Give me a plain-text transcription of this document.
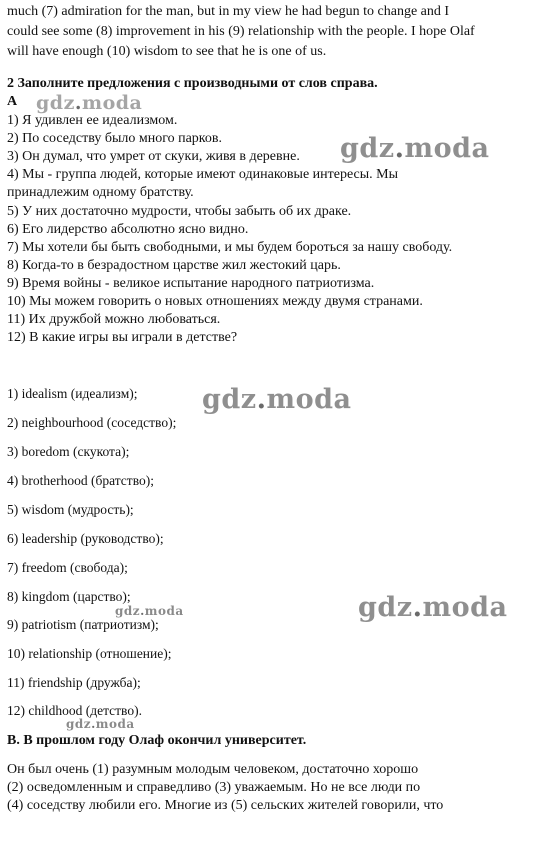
much (7) admiration for the man, but in my view he had begun to change and I
could see some (8) improvement in his (9) relationship with the people. I hope Olaf
will have enough (10) wisdom to see that he is one of us.
2 Заполните предложения с производными от слов справа.
A
1) Я удивлен ее идеализмом.
2) По соседству было много парков.
3) Он думал, что умрет от скуки, живя в деревне.
4) Мы - группа людей, которые имеют одинаковые интересы. Мы
принадлежим одному братству.
5) У них достаточно мудрости, чтобы забыть об их драке.
6) Его лидерство абсолютно ясно видно.
7) Мы хотели бы быть свободными, и мы будем бороться за нашу свободу.
8) Когда-то в безрадостном царстве жил жестокий царь.
9) Время войны - великое испытание народного патриотизма.
10) Мы можем говорить о новых отношениях между двумя странами.
11) Их дружбой можно любоваться.
12) В какие игры вы играли в детстве?
1) idealism (идеализм);
2) neighbourhood (соседство);
3) boredom (скукота);
4) brotherhood (братство);
5) wisdom (мудрость);
6) leadership (руководство);
7) freedom (свобода);
8) kingdom (царство);
9) patriotism (патриотизм);
10) relationship (отношение);
11) friendship (дружба);
12) childhood (детство).
B. В прошлом году Олаф окончил университет.
Он был очень (1) разумным молодым человеком, достаточно хорошо
(2) осведомленным и справедливо (3) уважаемым. Но не все люди по
(4) соседству любили его. Многие из (5) сельских жителей говорили, что
gdz.moda
gdz.moda
gdz.moda
gdz.moda
gdz.moda
gdz.moda
